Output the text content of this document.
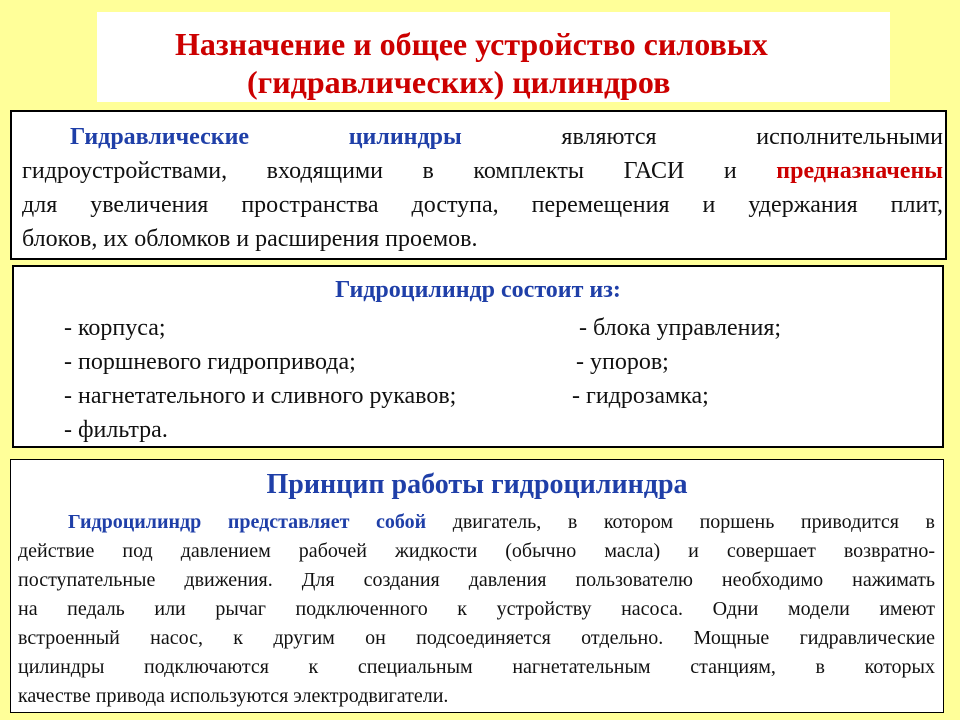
Назначение и общее устройство силовых
(гидравлических) цилиндров
Гидравлические цилиндры	являются исполнительными
гидроустройствами, входящими в комплекты ГАСИ и предназначены
для увеличения пространства доступа, перемещения и удержания плит,
блоков, их обломков и расширения проемов.
Гидроцилиндр состоит из:
- корпуса;
- поршневого гидропривода;
- нагнетательного и сливного рукавов;
- фильтра.
- блока управления;
- упоров;
- гидрозамка;
Принцип работы гидроцилиндра
Гидроцилиндр представляет собой двигатель, в котором поршень приводится в
действие под давлением рабочей жидкости (обычно масла) и совершает возвратно-
поступательные движения. Для создания давления пользователю необходимо нажимать
на педаль или рычаг подключенного к устройству насоса. Одни модели имеют
встроенный насос, к другим он подсоединяется отдельно. Мощные гидравлические
цилиндры подключаются к специальным нагнетательным станциям, в которых
качестве привода используются электродвигатели.
